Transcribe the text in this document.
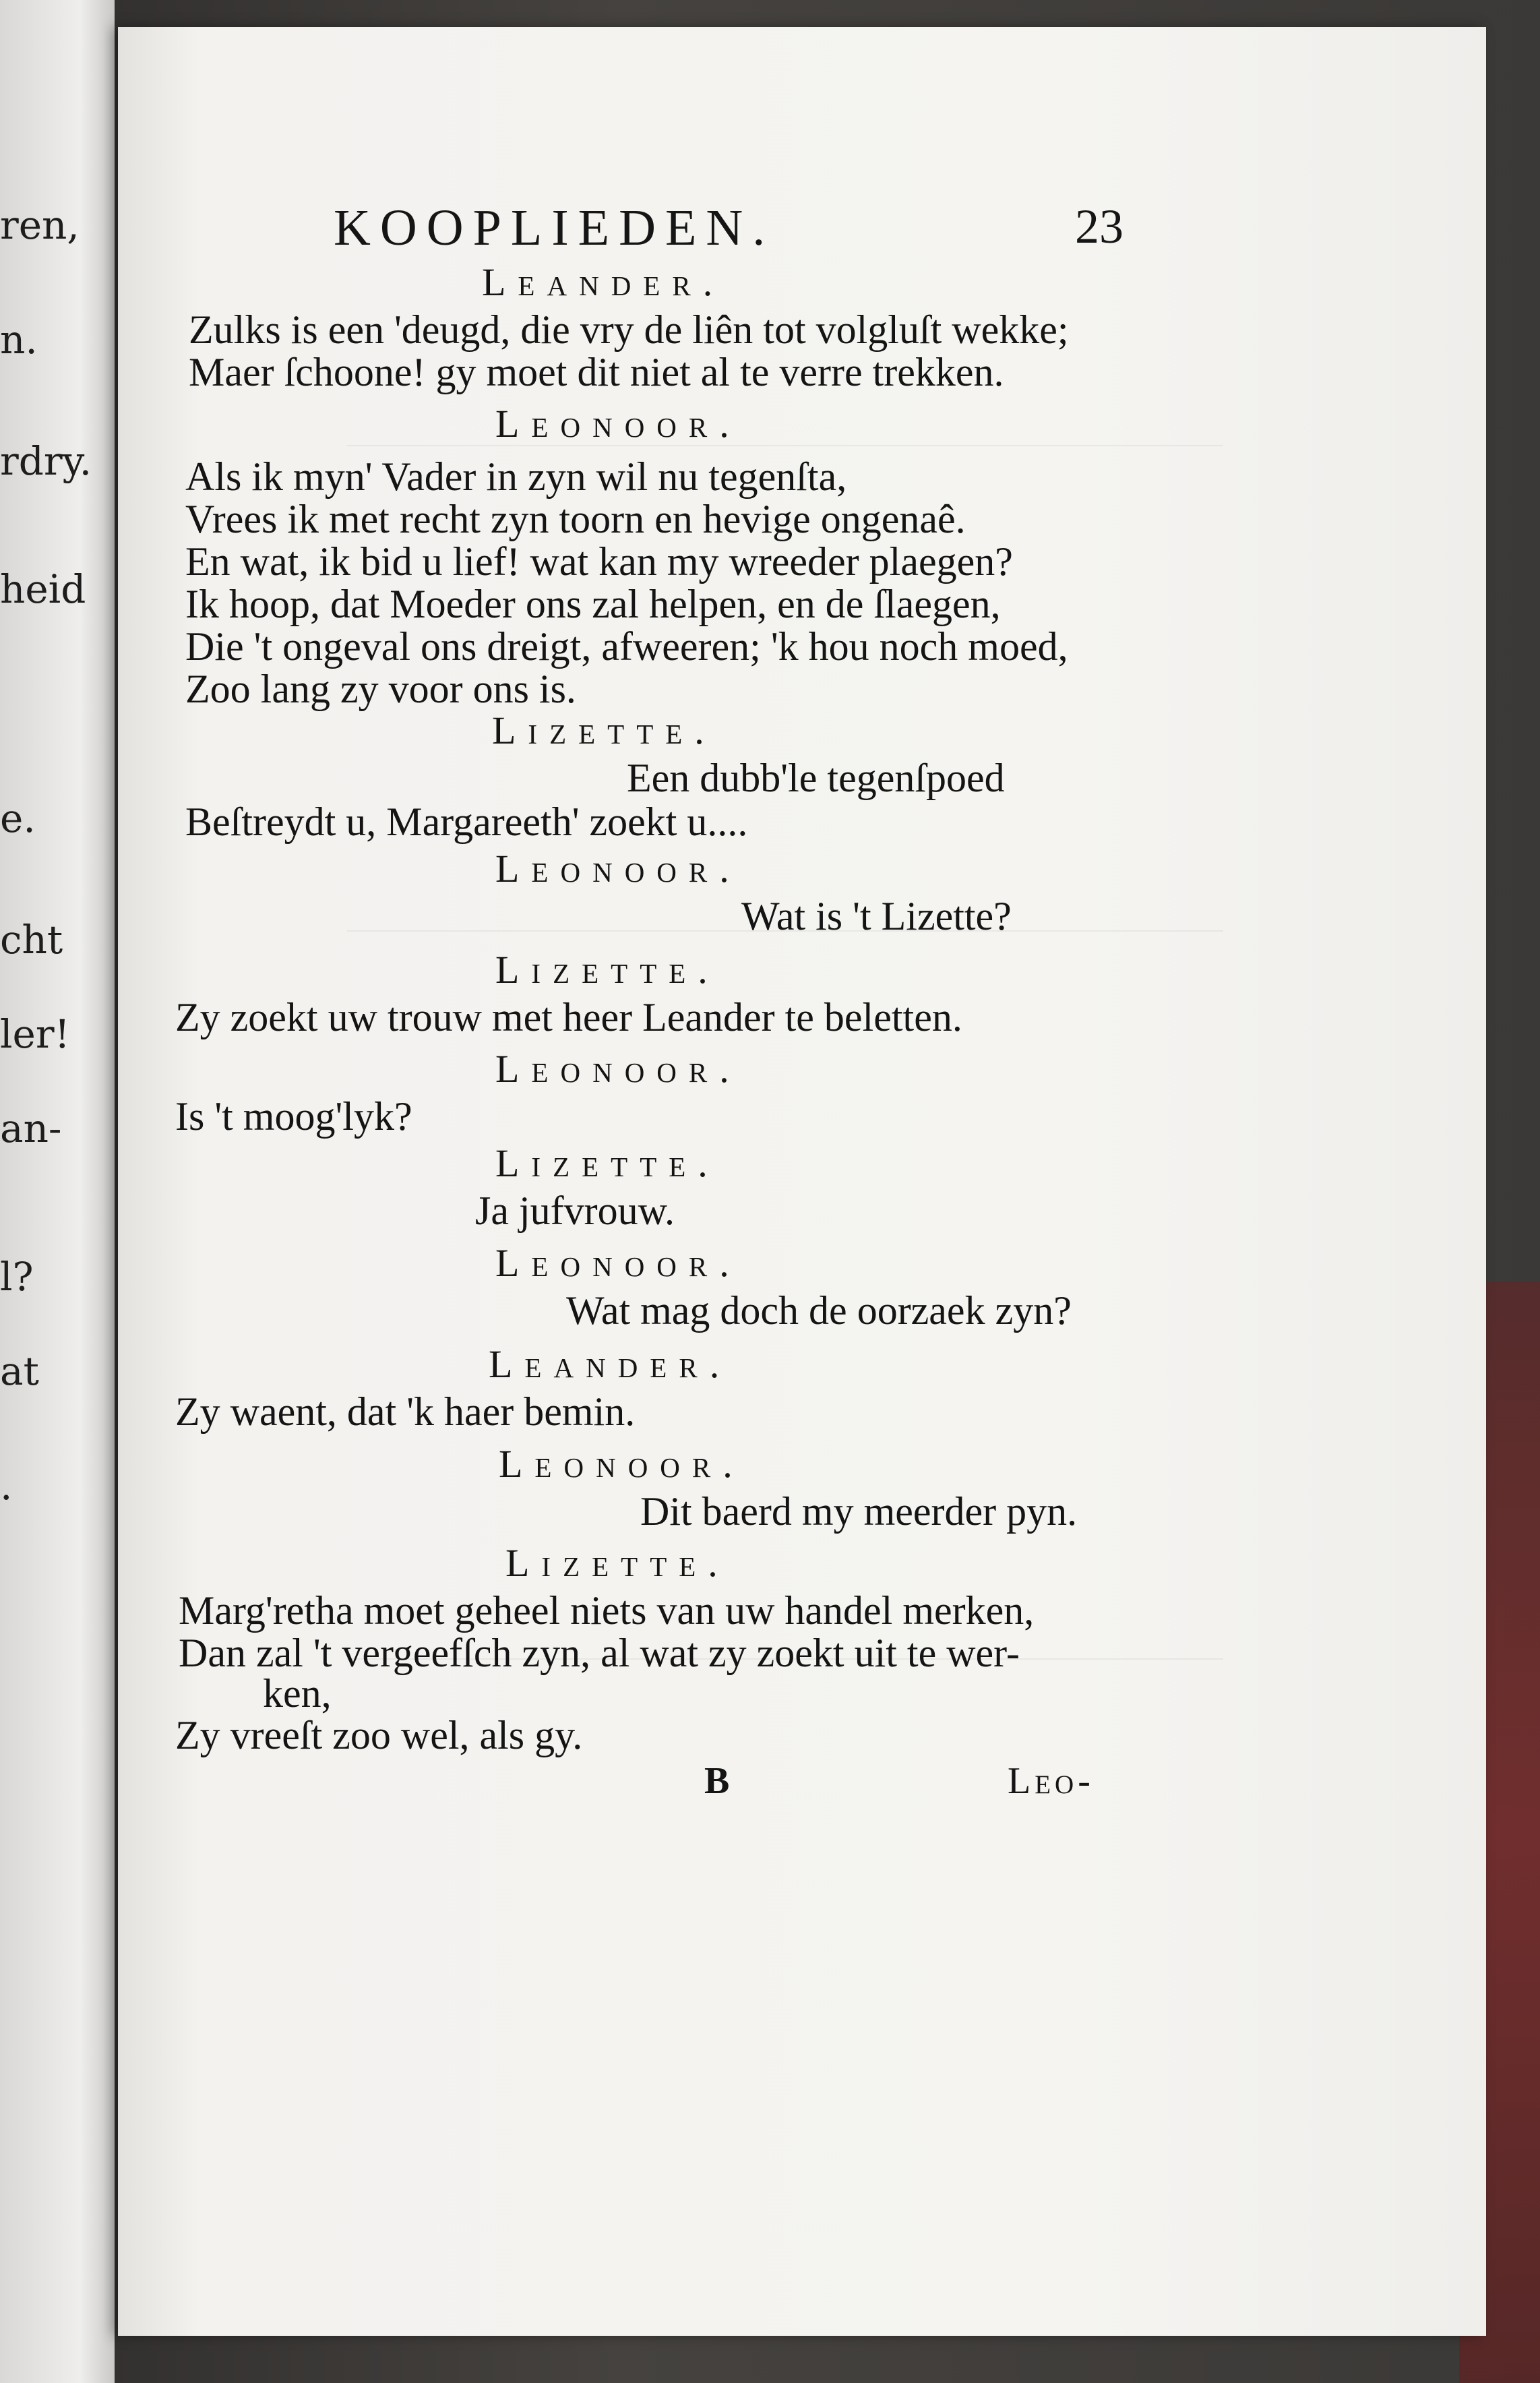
ren,
n.
rdry.
heid
e.
cht
ler!
an-
l?
at
.
KOOPLIEDEN.	23
Leander.
Zulks is een 'deugd, die vry de liên tot volgluſt wekke;
Maer ſchoone! gy moet dit niet al te verre trekken.
Leonoor.
Als ik myn' Vader in zyn wil nu tegenſta,
Vrees ik met recht zyn toorn en hevige ongenaê.
En wat, ik bid u lief! wat kan my wreeder plaegen?
Ik hoop, dat Moeder ons zal helpen, en de ſlaegen,
Die 't ongeval ons dreigt, afweeren; 'k hou noch moed,
Zoo lang zy voor ons is.
Lizette.
Een dubb'le tegenſpoed
Beſtreydt u, Margareeth' zoekt u....
Leonoor.
Wat is 't Lizette?
Lizette.
Zy zoekt uw trouw met heer Leander te beletten.
Leonoor.
Is 't moog'lyk?
Lizette.
Ja jufvrouw.
Leonoor.
Wat mag doch de oorzaek zyn?
Leander.
Zy waent, dat 'k haer bemin.
Leonoor.
Dit baerd my meerder pyn.
Lizette.
Marg'retha moet geheel niets van uw handel merken,
Dan zal 't vergeefſch zyn, al wat zy zoekt uit te wer-
ken,
Zy vreeſt zoo wel, als gy.
B	Leo-
